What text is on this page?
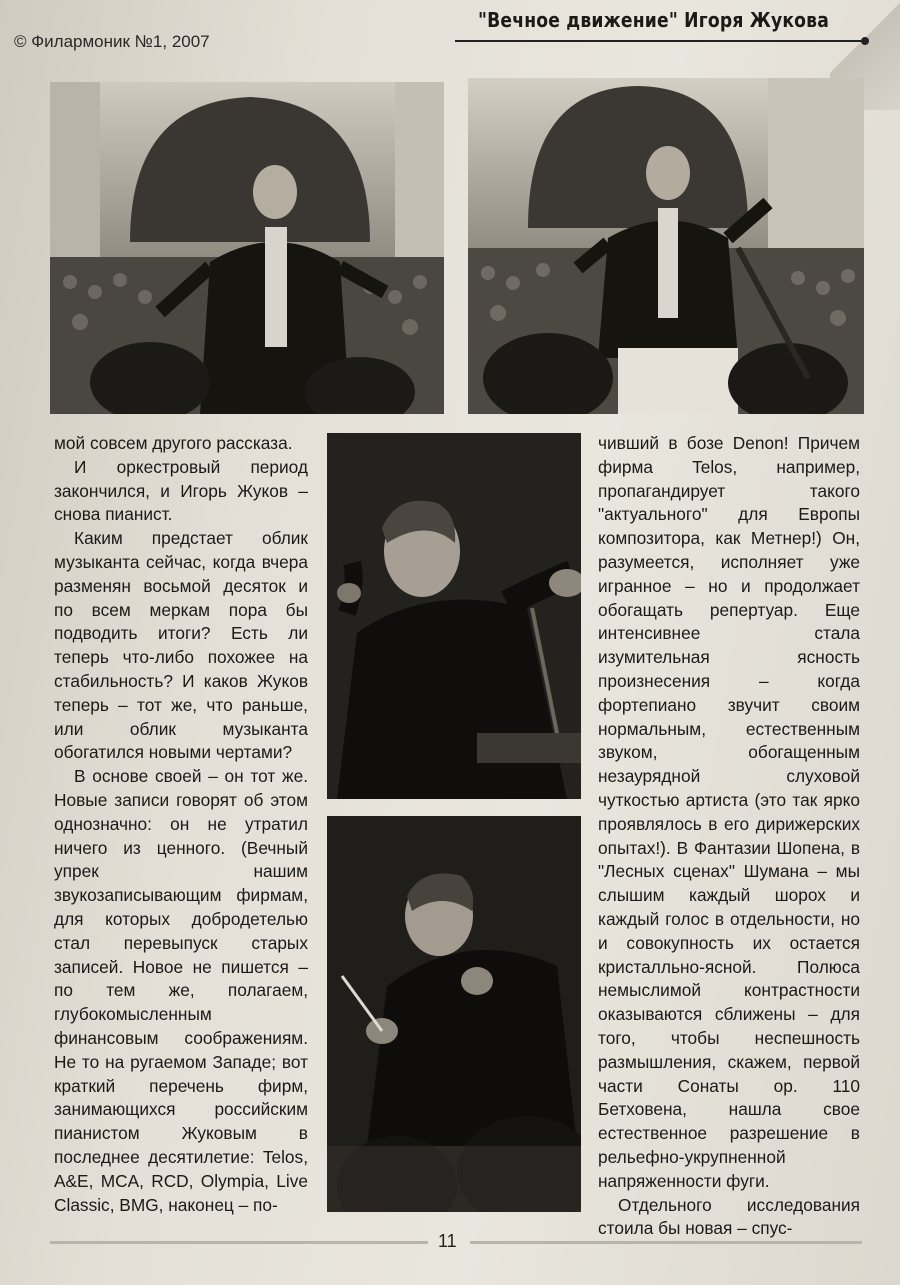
© Филармоник №1, 2007
"Вечное движение" Игоря Жукова

мой совсем другого рассказа.

И оркестровый период закончился, и Игорь Жуков – снова пианист.

Каким предстает облик музыканта сейчас, когда вчера разменян восьмой десяток и по всем меркам пора бы подводить итоги? Есть ли теперь что-либо похожее на стабильность? И каков Жуков теперь – тот же, что раньше, или облик музыканта обогатился новыми чертами?

В основе своей – он тот же. Новые записи говорят об этом однозначно: он не утратил ничего из ценного. (Вечный упрек нашим звукозаписывающим фирмам, для которых добродетелью стал перевыпуск старых записей. Новое не пишется – по тем же, полагаем, глубокомысленным финансовым соображениям. Не то на ругаемом Западе; вот краткий перечень фирм, занимающихся российским пианистом Жуковым в последнее десятилетие: Telos, A&E, MCA, RCD, Olympia, Live Classic, BMG, наконец – по-

чивший в бозе Denon! Причем фирма Telos, например, пропагандирует такого "актуального" для Европы композитора, как Метнер!) Он, разумеется, исполняет уже игранное – но и продолжает обогащать репертуар. Еще интенсивнее стала изумительная ясность произнесения – когда фортепиано звучит своим нормальным, естественным звуком, обогащенным незаурядной слуховой чуткостью артиста (это так ярко проявлялось в его дирижерских опытах!). В Фантазии Шопена, в "Лесных сценах" Шумана – мы слышим каждый шорох и каждый голос в отдельности, но и совокупность их остается кристалльно-ясной. Полюса немыслимой контрастности оказываются сближены – для того, чтобы неспешность размышления, скажем, первой части Сонаты ор. 110 Бетховена, нашла свое естественное разрешение в рельефно-укрупненной напряженности фуги.

Отдельного исследования стоила бы новая – спус-

11
